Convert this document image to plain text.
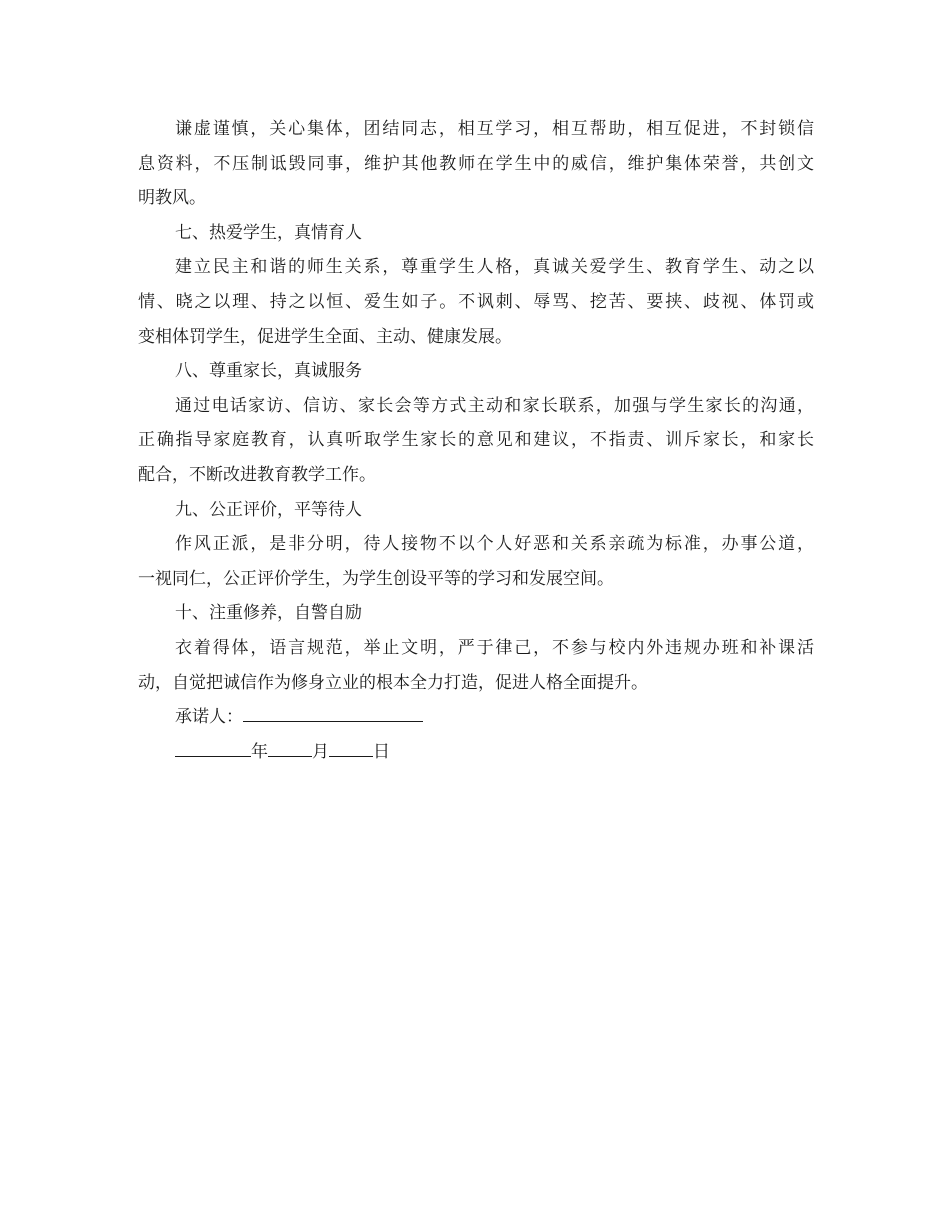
谦虚谨慎，关心集体，团结同志，相互学习，相互帮助，相互促进，不封锁信
息资料，不压制诋毁同事，维护其他教师在学生中的威信，维护集体荣誉，共创文
明教风。
七、热爱学生，真情育人
建立民主和谐的师生关系，尊重学生人格，真诚关爱学生、教育学生、动之以
情、晓之以理、持之以恒、爱生如子。不讽刺、辱骂、挖苦、要挟、歧视、体罚或
变相体罚学生，促进学生全面、主动、健康发展。
八、尊重家长，真诚服务
通过电话家访、信访、家长会等方式主动和家长联系，加强与学生家长的沟通，
正确指导家庭教育，认真听取学生家长的意见和建议，不指责、训斥家长，和家长
配合，不断改进教育教学工作。
九、公正评价，平等待人
作风正派，是非分明，待人接物不以个人好恶和关系亲疏为标准，办事公道，
一视同仁，公正评价学生，为学生创设平等的学习和发展空间。
十、注重修养，自警自励
衣着得体，语言规范，举止文明，严于律己，不参与校内外违规办班和补课活
动，自觉把诚信作为修身立业的根本全力打造，促进人格全面提升。
承诺人：
年	月	日
